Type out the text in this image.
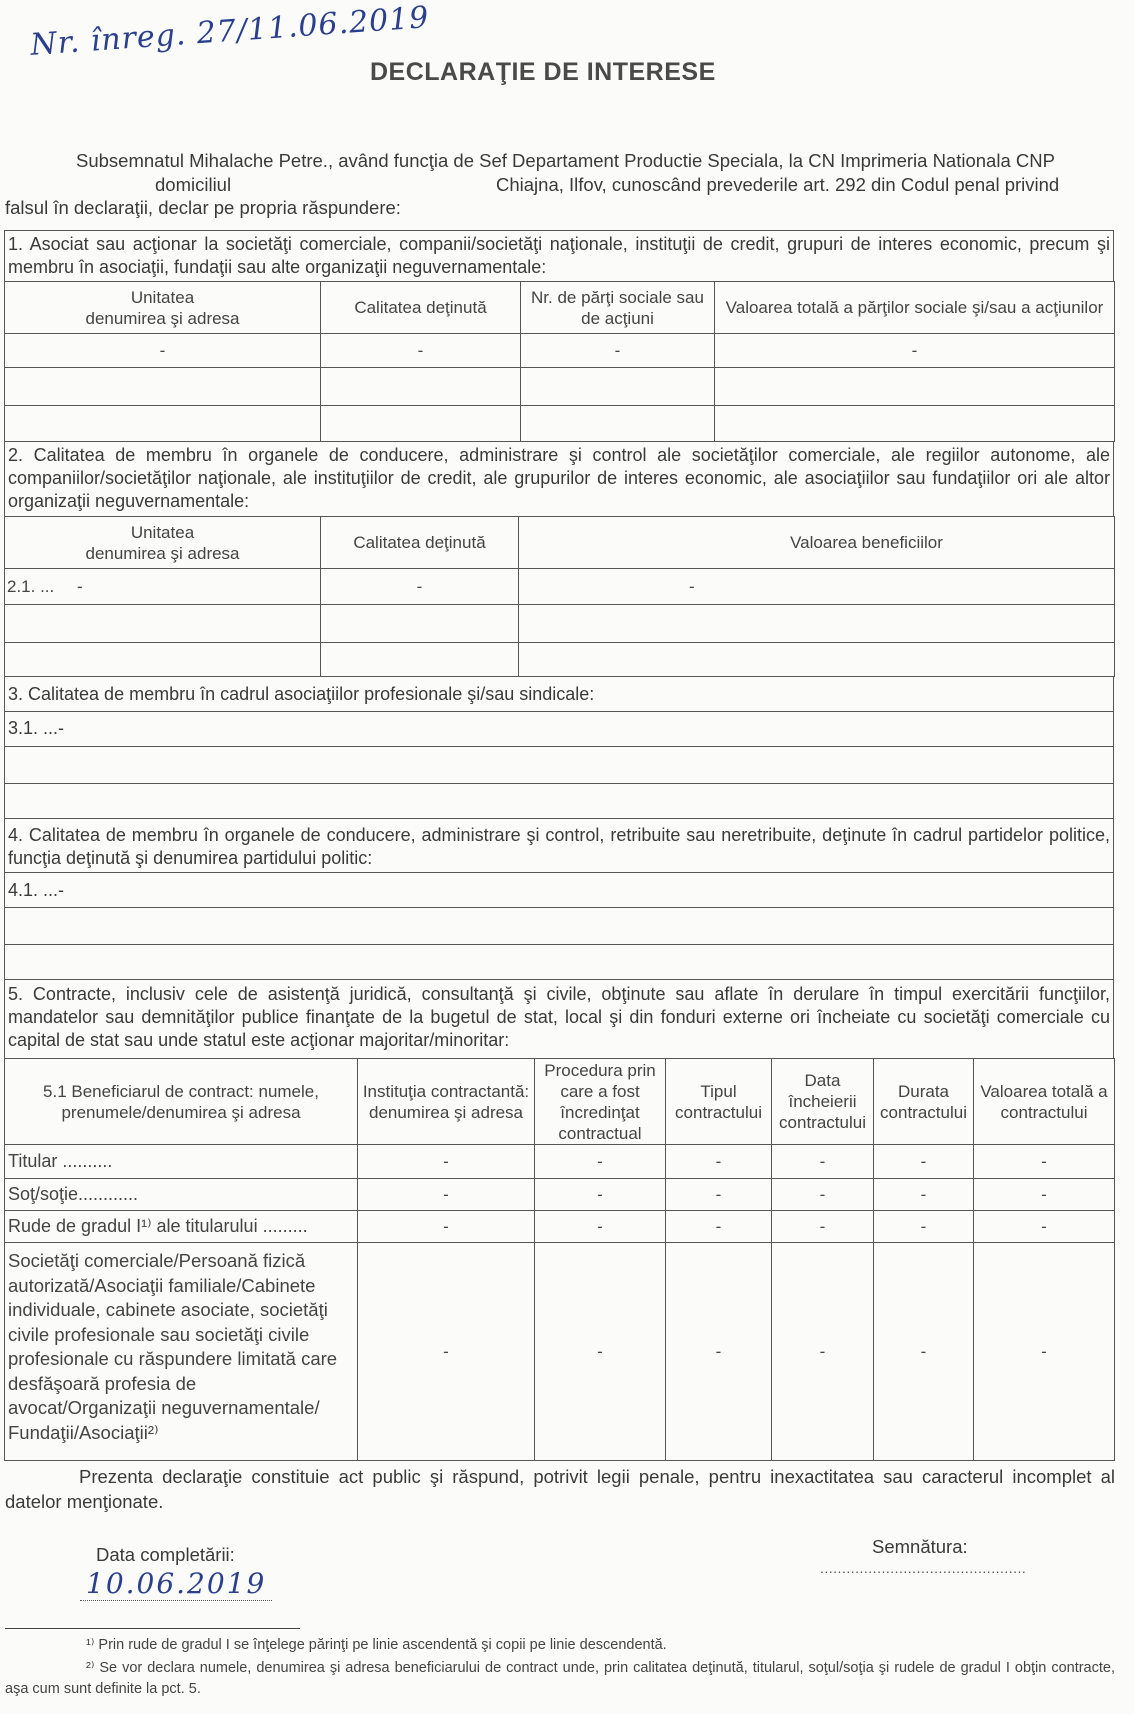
Nr. înreg. 27/11.06.2019
DECLARAŢIE DE INTERESE
Subsemnatul Mihalache Petre., având funcţia de Sef Departament Productie Speciala, la CN Imprimeria Nationala CNP
domiciliul	Chiajna, Ilfov, cunoscând prevederile art. 292 din Codul penal privind
falsul în declaraţii, declar pe propria răspundere:
1. Asociat sau acţionar la societăţi comerciale, companii/societăţi naţionale, instituţii de credit, grupuri de interes economic, precum şi membru în asociaţii, fundaţii sau alte organizaţii neguvernamentale:
Unitatea
denumirea şi adresa	Calitatea deţinută	Nr. de părţi sociale sau de acţiuni	Valoarea totală a părţilor sociale şi/sau a acţiunilor
-	-	-	-

2. Calitatea de membru în organele de conducere, administrare şi control ale societăţilor comerciale, ale regiilor autonome, ale companiilor/societăţilor naţionale, ale instituţiilor de credit, ale grupurilor de interes economic, ale asociaţiilor sau fundaţiilor ori ale altor organizaţii neguvernamentale:
Unitatea
denumirea şi adresa	Calitatea deţinută	Valoarea beneficiilor
2.1. ... -	-	-

3. Calitatea de membru în cadrul asociaţiilor profesionale şi/sau sindicale:
3.1. ...-
4. Calitatea de membru în organele de conducere, administrare şi control, retribuite sau neretribuite, deţinute în cadrul partidelor politice, funcţia deţinută şi denumirea partidului politic:
4.1. ...-
5. Contracte, inclusiv cele de asistenţă juridică, consultanţă şi civile, obţinute sau aflate în derulare în timpul exercitării funcţiilor, mandatelor sau demnităţilor publice finanţate de la bugetul de stat, local şi din fonduri externe ori încheiate cu societăţi comerciale cu capital de stat sau unde statul este acţionar majoritar/minoritar:
5.1 Beneficiarul de contract: numele, prenumele/denumirea şi adresa	Instituţia contractantă: denumirea şi adresa	Procedura prin care a fost încredinţat contractual	Tipul contractului	Data încheierii contractului	Durata contractului	Valoarea totală a contractului
Titular ..........	-	-	-	-	-	-
Soţ/soţie............	-	-	-	-	-	-
Rude de gradul I¹⁾ ale titularului .........	-	-	-	-	-	-
Societăţi comerciale/Persoană fizică autorizată/Asociaţii familiale/Cabinete individuale, cabinete asociate, societăţi civile profesionale sau societăţi civile profesionale cu răspundere limitată care desfăşoară profesia de avocat/Organizaţii neguvernamentale/ Fundaţii/Asociaţii²⁾	-	-	-	-	-	-
Prezenta declaraţie constituie act public şi răspund, potrivit legii penale, pentru inexactitatea sau caracterul incomplet al datelor menţionate.
Data completării:
10.06.2019
Semnătura:
...............................................
¹⁾ Prin rude de gradul I se înţelege părinţi pe linie ascendentă şi copii pe linie descendentă.
²⁾ Se vor declara numele, denumirea şi adresa beneficiarului de contract unde, prin calitatea deţinută, titularul, soţul/soţia şi rudele de gradul I obţin contracte, aşa cum sunt definite la pct. 5.
